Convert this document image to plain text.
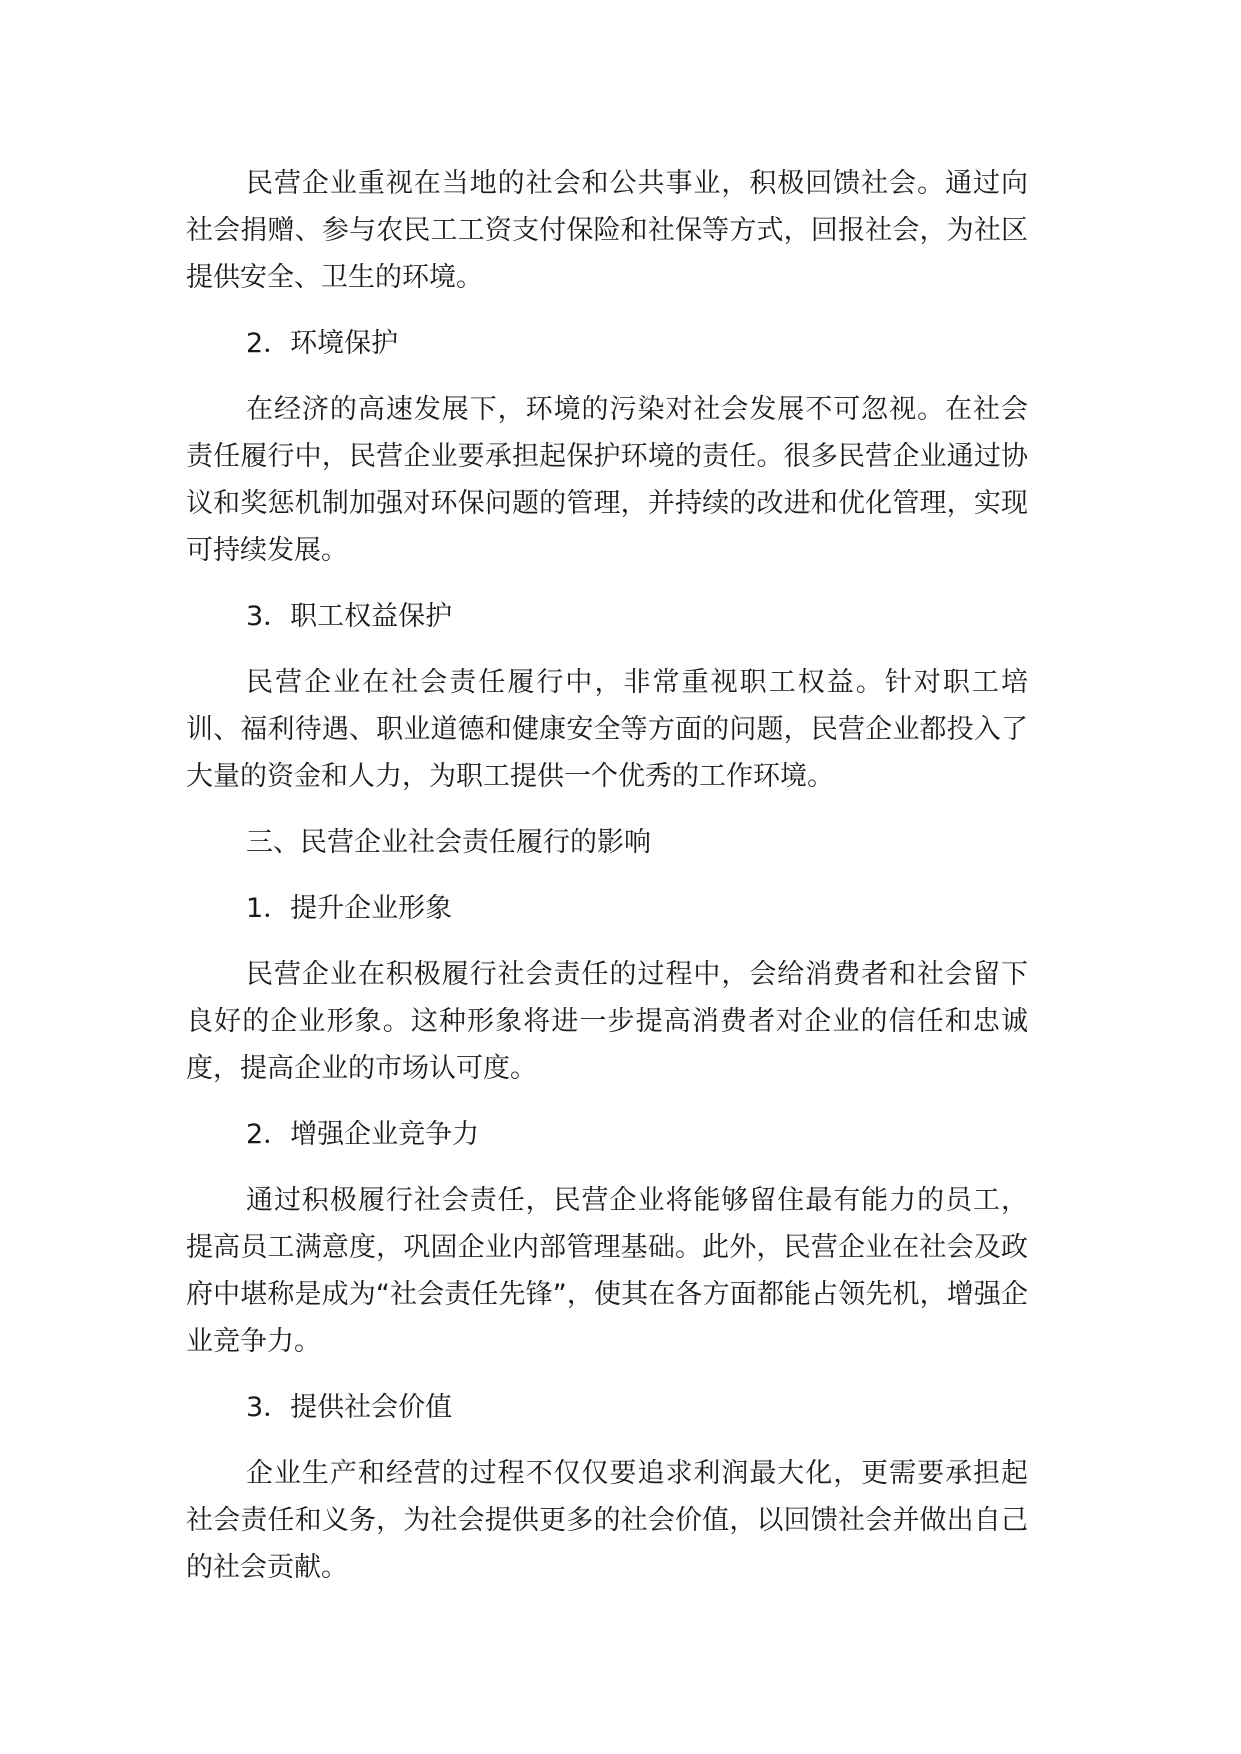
民营企业重视在当地的社会和公共事业，积极回馈社会。通过向社会捐赠、参与农民工工资支付保险和社保等方式，回报社会，为社区提供安全、卫生的环境。

2．环境保护

在经济的高速发展下，环境的污染对社会发展不可忽视。在社会责任履行中，民营企业要承担起保护环境的责任。很多民营企业通过协议和奖惩机制加强对环保问题的管理，并持续的改进和优化管理，实现可持续发展。

3．职工权益保护

民营企业在社会责任履行中，非常重视职工权益。针对职工培训、福利待遇、职业道德和健康安全等方面的问题，民营企业都投入了大量的资金和人力，为职工提供一个优秀的工作环境。

三、民营企业社会责任履行的影响

1．提升企业形象

民营企业在积极履行社会责任的过程中，会给消费者和社会留下良好的企业形象。这种形象将进一步提高消费者对企业的信任和忠诚度，提高企业的市场认可度。

2．增强企业竞争力

通过积极履行社会责任，民营企业将能够留住最有能力的员工，提高员工满意度，巩固企业内部管理基础。此外，民营企业在社会及政府中堪称是成为“社会责任先锋”，使其在各方面都能占领先机，增强企业竞争力。

3．提供社会价值

企业生产和经营的过程不仅仅要追求利润最大化，更需要承担起社会责任和义务，为社会提供更多的社会价值，以回馈社会并做出自己的社会贡献。
